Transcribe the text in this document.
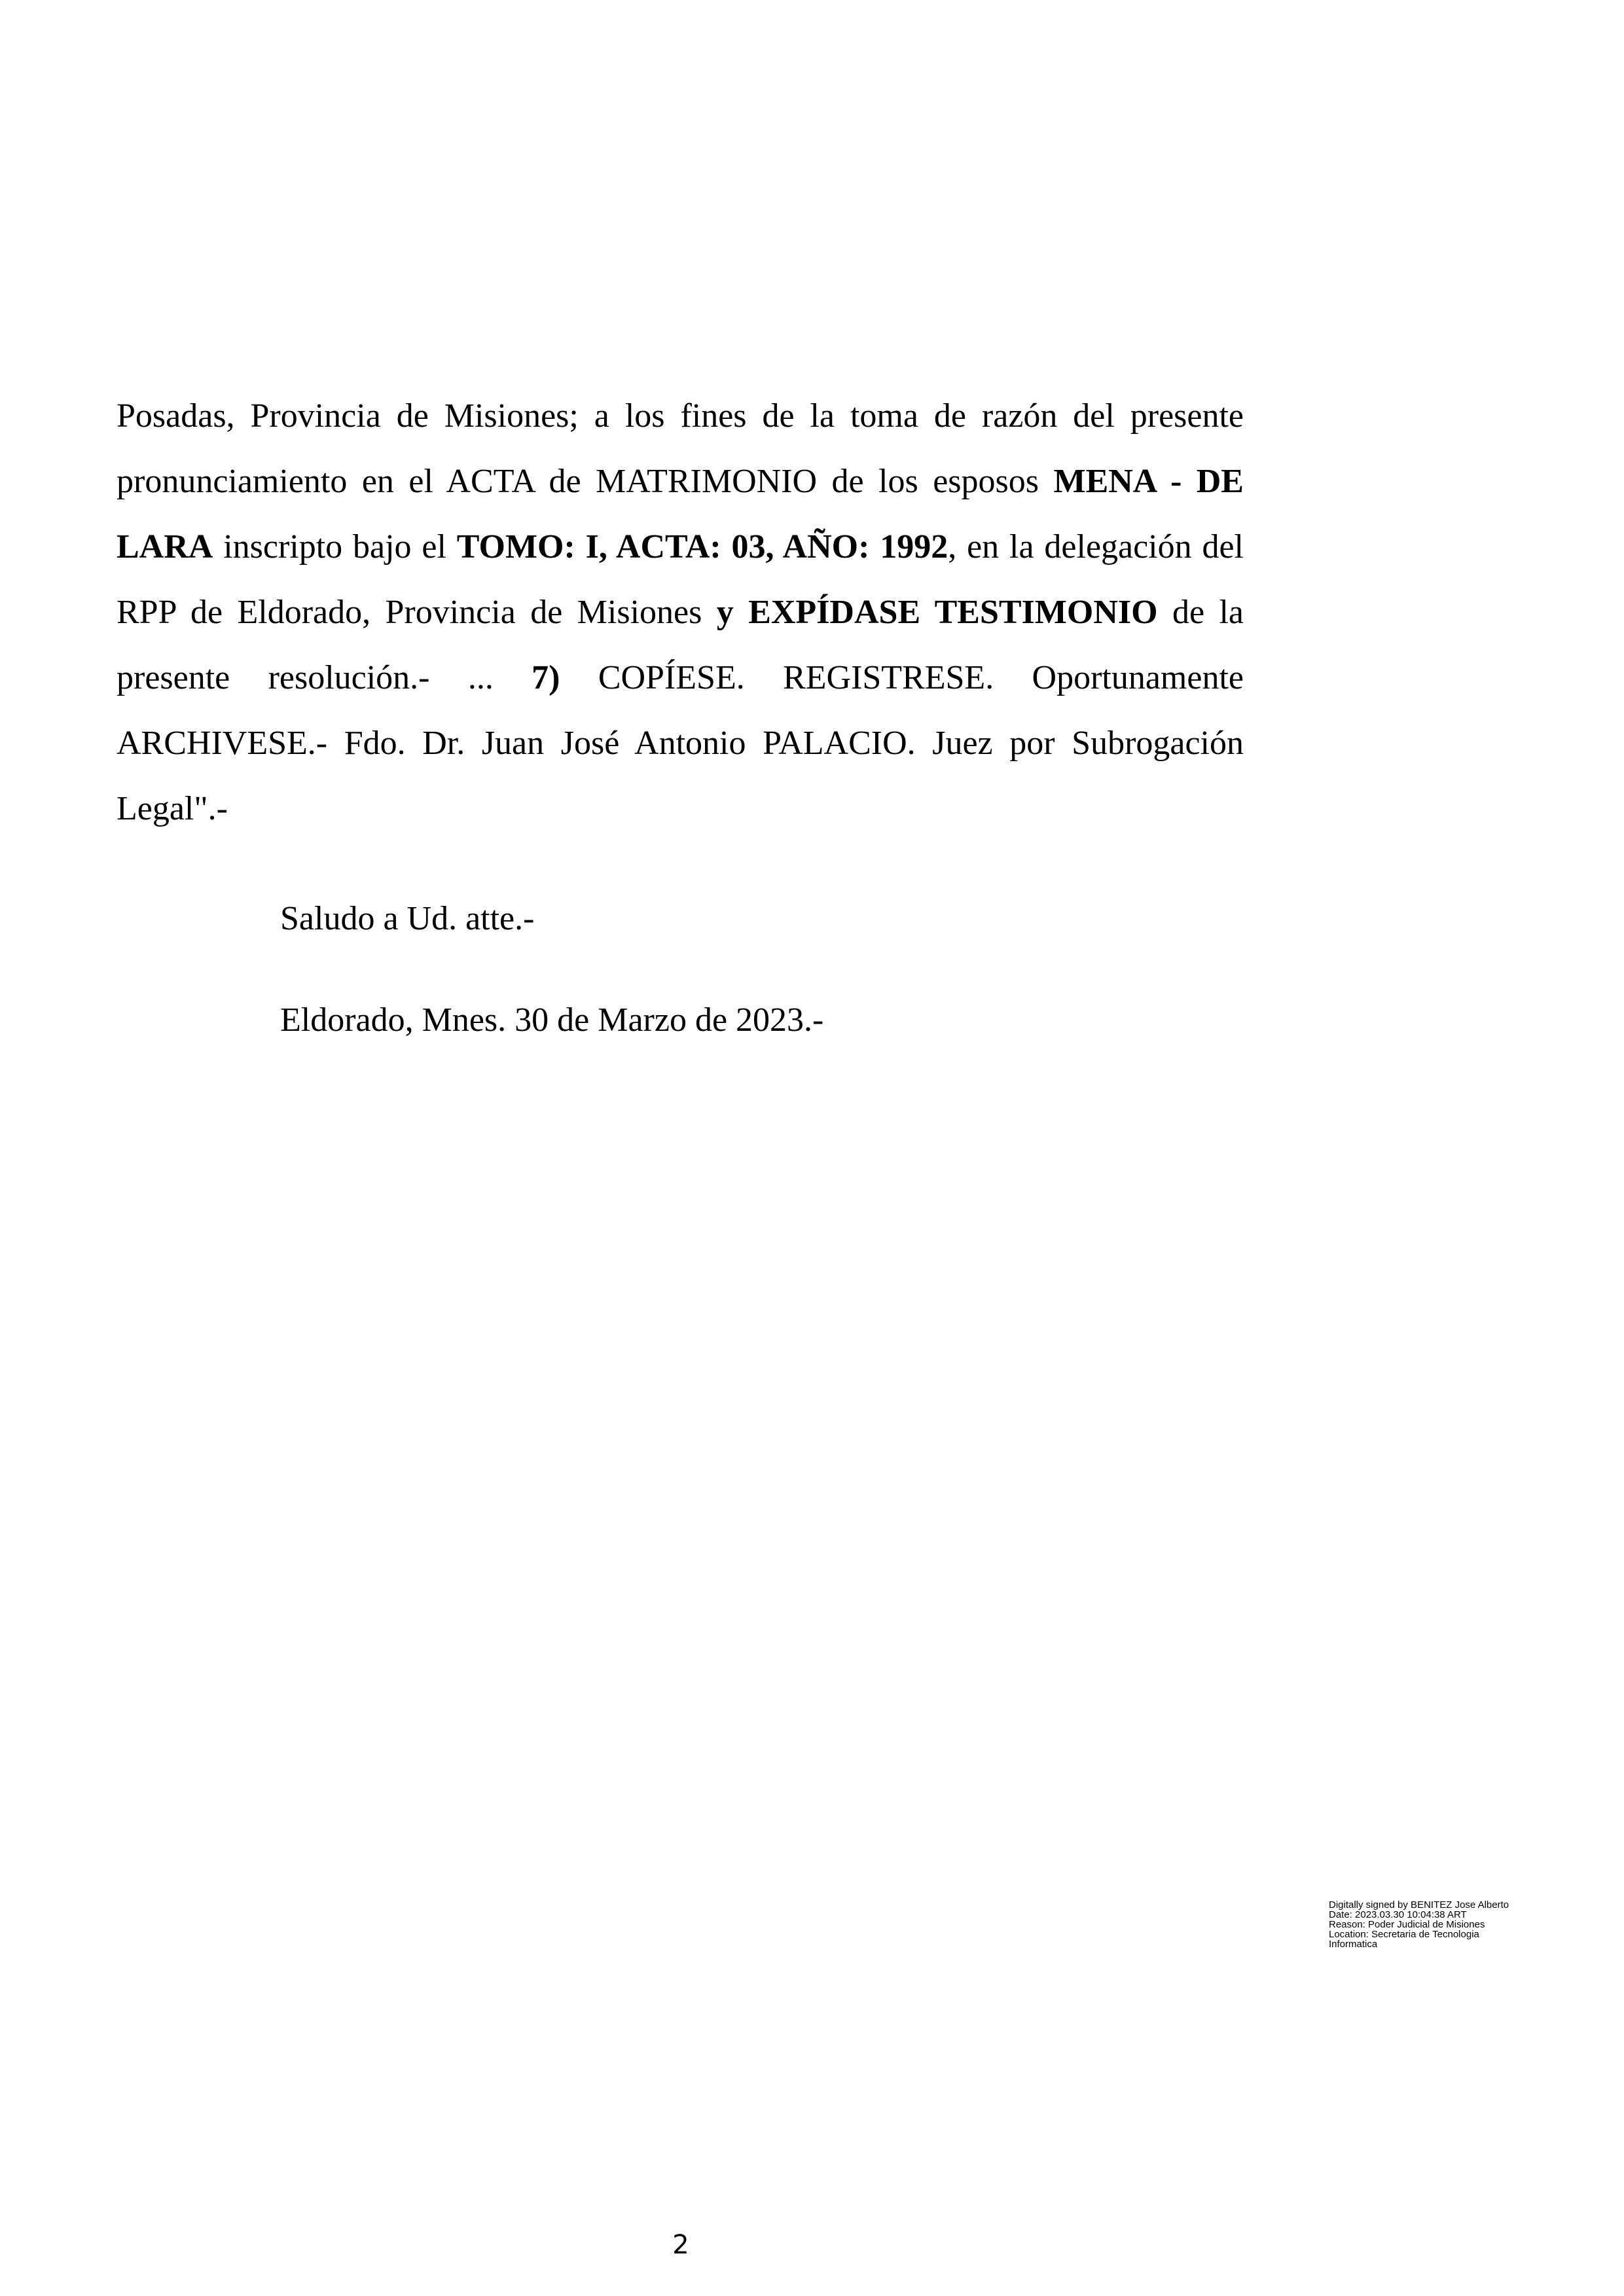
Posadas, Provincia de Misiones; a los fines de la toma de razón del presente pronunciamiento en el ACTA de MATRIMONIO de los esposos MENA - DE LARA inscripto bajo el TOMO: I, ACTA: 03, AÑO: 1992, en la delegación del RPP de Eldorado, Provincia de Misiones y EXPÍDASE TESTIMONIO de la presente resolución.- ... 7) COPÍESE. REGISTRESE. Oportunamente ARCHIVESE.- Fdo. Dr. Juan José Antonio PALACIO. Juez por Subrogación Legal".-

Saludo a Ud. atte.-

Eldorado, Mnes. 30 de Marzo de 2023.-

Digitally signed by BENITEZ Jose Alberto
Date: 2023.03.30 10:04:38 ART
Reason: Poder Judicial de Misiones
Location: Secretaria de Tecnologia
Informatica
2
